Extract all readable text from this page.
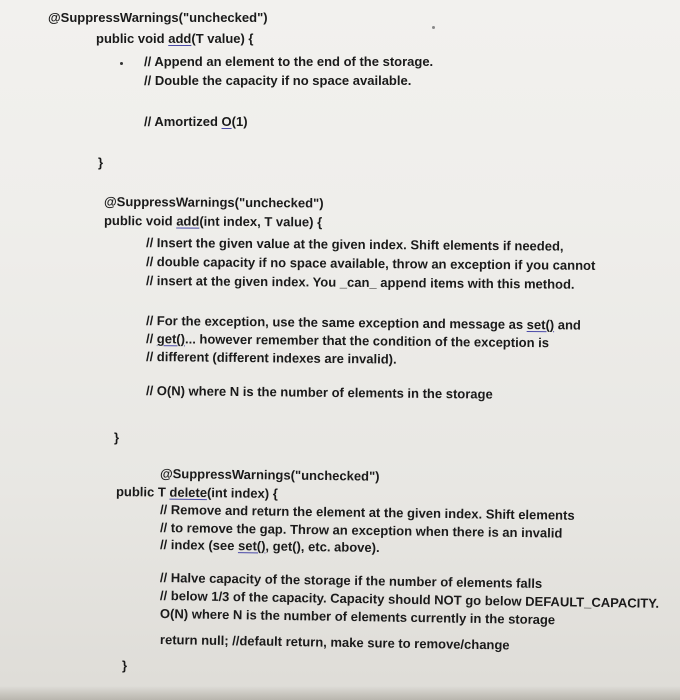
@SuppressWarnings("unchecked")
public void add(T value) {
// Append an element to the end of the storage.
// Double the capacity if no space available.
// Amortized O(1)
}
@SuppressWarnings("unchecked")
public void add(int index, T value) {
// Insert the given value at the given index. Shift elements if needed,
// double capacity if no space available, throw an exception if you cannot
// insert at the given index. You _can_ append items with this method.
// For the exception, use the same exception and message as set() and
// get()... however remember that the condition of the exception is
// different (different indexes are invalid).
// O(N) where N is the number of elements in the storage
}
@SuppressWarnings("unchecked")
public T delete(int index) {
// Remove and return the element at the given index. Shift elements
// to remove the gap. Throw an exception when there is an invalid
// index (see set(), get(), etc. above).
// Halve capacity of the storage if the number of elements falls
// below 1/3 of the capacity. Capacity should NOT go below DEFAULT_CAPACITY.
O(N) where N is the number of elements currently in the storage
return null; //default return, make sure to remove/change
}
